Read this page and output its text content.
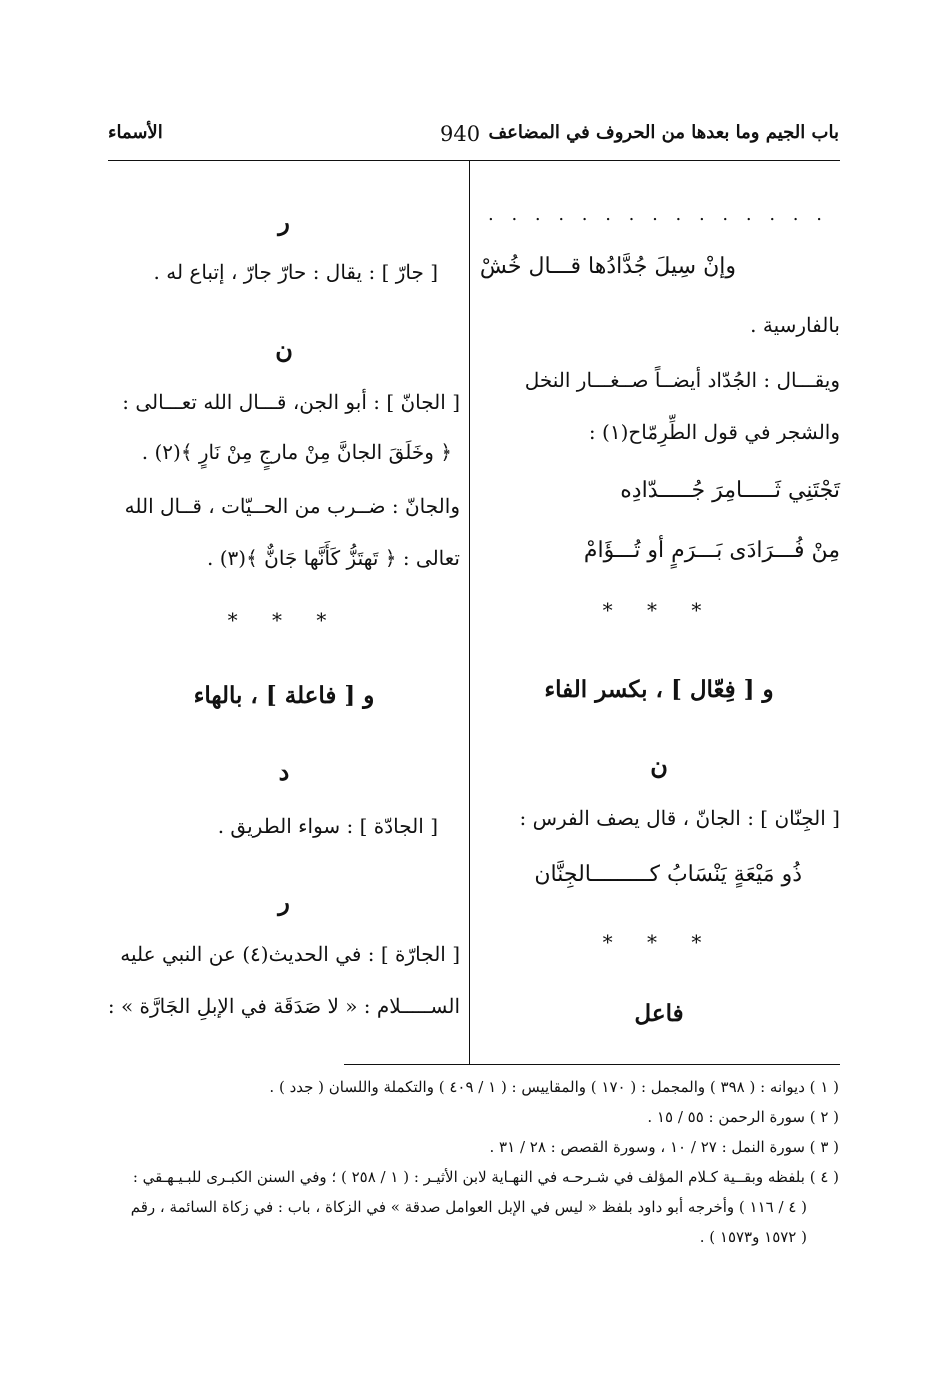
باب الجيم وما بعدها من الحروف في المضاعف
940
الأسماء
. . . . . . . . . . . . . . .
وإنْ سِيلَ جُدَّادُها قـــال خُشْ
بالفارسية .
ويقـــال : الجُدّاد أيضــاً صــغـــار النخل
والشجر في قول الطِّرِمّاح(١) :
تَجْتَنِي ثَـــــامِرَ جُـــــدّادِه
مِنْ فُـــرَادَى بَـــرَمٍ أو تُـــؤَامْ
* * *
و [ فِعّال ] ، بكسر الفاء
ن
[ الجِنّان ] : الجانّ ، قال يصف الفرس :
ذُو مَيْعَةٍ يَنْسَابُ كـــــــــالجِنَّان
* * *
فاعل
ر
[ جارّ ] : يقال : حارّ جارّ ، إتباع له .
ن
[ الجانّ ] : أبو الجن، قـــال الله تعـــالى :
﴿ وخَلَقَ الجانَّ مِنْ مارجٍ مِنْ نَارٍ ﴾(٢) .
والجانّ : ضــرب من الحــيّات ، قــال الله
تعالى : ﴿ تَهتَزُّ كَأَنَّها جَانٌّ ﴾(٣) .
* * *
و [ فاعلة ] ، بالهاء
د
[ الجادّة ] : سواء الطريق .
ر
[ الجارّة ] : في الحديث(٤) عن النبي عليه
الســـــلام : « لا صَدَقَة في الإبلِ الجَارَّة » :
( ١ ) ديوانه : ( ٣٩٨ ) والمجمل : ( ١٧٠ ) والمقاييس : ( ١ / ٤٠٩ ) والتكملة واللسان ( جدد ) .
( ٢ ) سورة الرحمن : ٥٥ / ١٥ .
( ٣ ) سورة النمل : ٢٧ / ١٠ ، وسورة القصص : ٢٨ / ٣١ .
( ٤ ) بلفظه وبقــية كـلام المؤلف في شـرحـه في النهـاية لابن الأثيـر : ( ١ / ٢٥٨ ) ؛ وفي السنن الكبـرى للبـيـهـقي :
( ٤ / ١١٦ ) وأخرجه أبو داود بلفظ « ليس في الإبل العوامل صدقة » في الزكاة ، باب : في زكاة السائمة ، رقم
( ١٥٧٢ و١٥٧٣ ) .
